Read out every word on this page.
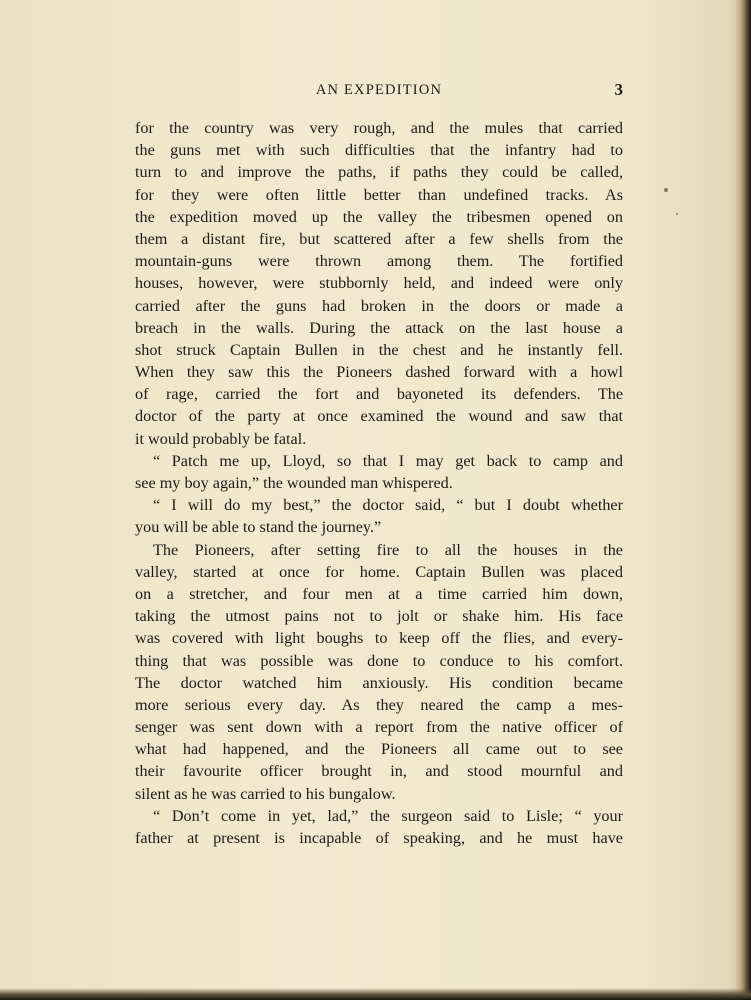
AN EXPEDITION	3
for the country was very rough, and the mules that carried
the guns met with such difficulties that the infantry had to
turn to and improve the paths, if paths they could be called,
for they were often little better than undefined tracks. As
the expedition moved up the valley the tribesmen opened on
them a distant fire, but scattered after a few shells from the
mountain-guns were thrown among them. The fortified
houses, however, were stubbornly held, and indeed were only
carried after the guns had broken in the doors or made a
breach in the walls. During the attack on the last house a
shot struck Captain Bullen in the chest and he instantly fell.
When they saw this the Pioneers dashed forward with a howl
of rage, carried the fort and bayoneted its defenders. The
doctor of the party at once examined the wound and saw that
it would probably be fatal.
“ Patch me up, Lloyd, so that I may get back to camp and
see my boy again,” the wounded man whispered.
“ I will do my best,” the doctor said, “ but I doubt whether
you will be able to stand the journey.”
The Pioneers, after setting fire to all the houses in the
valley, started at once for home. Captain Bullen was placed
on a stretcher, and four men at a time carried him down,
taking the utmost pains not to jolt or shake him. His face
was covered with light boughs to keep off the flies, and every-
thing that was possible was done to conduce to his comfort.
The doctor watched him anxiously. His condition became
more serious every day. As they neared the camp a mes-
senger was sent down with a report from the native officer of
what had happened, and the Pioneers all came out to see
their favourite officer brought in, and stood mournful and
silent as he was carried to his bungalow.
“ Don’t come in yet, lad,” the surgeon said to Lisle; “ your
father at present is incapable of speaking, and he must have
